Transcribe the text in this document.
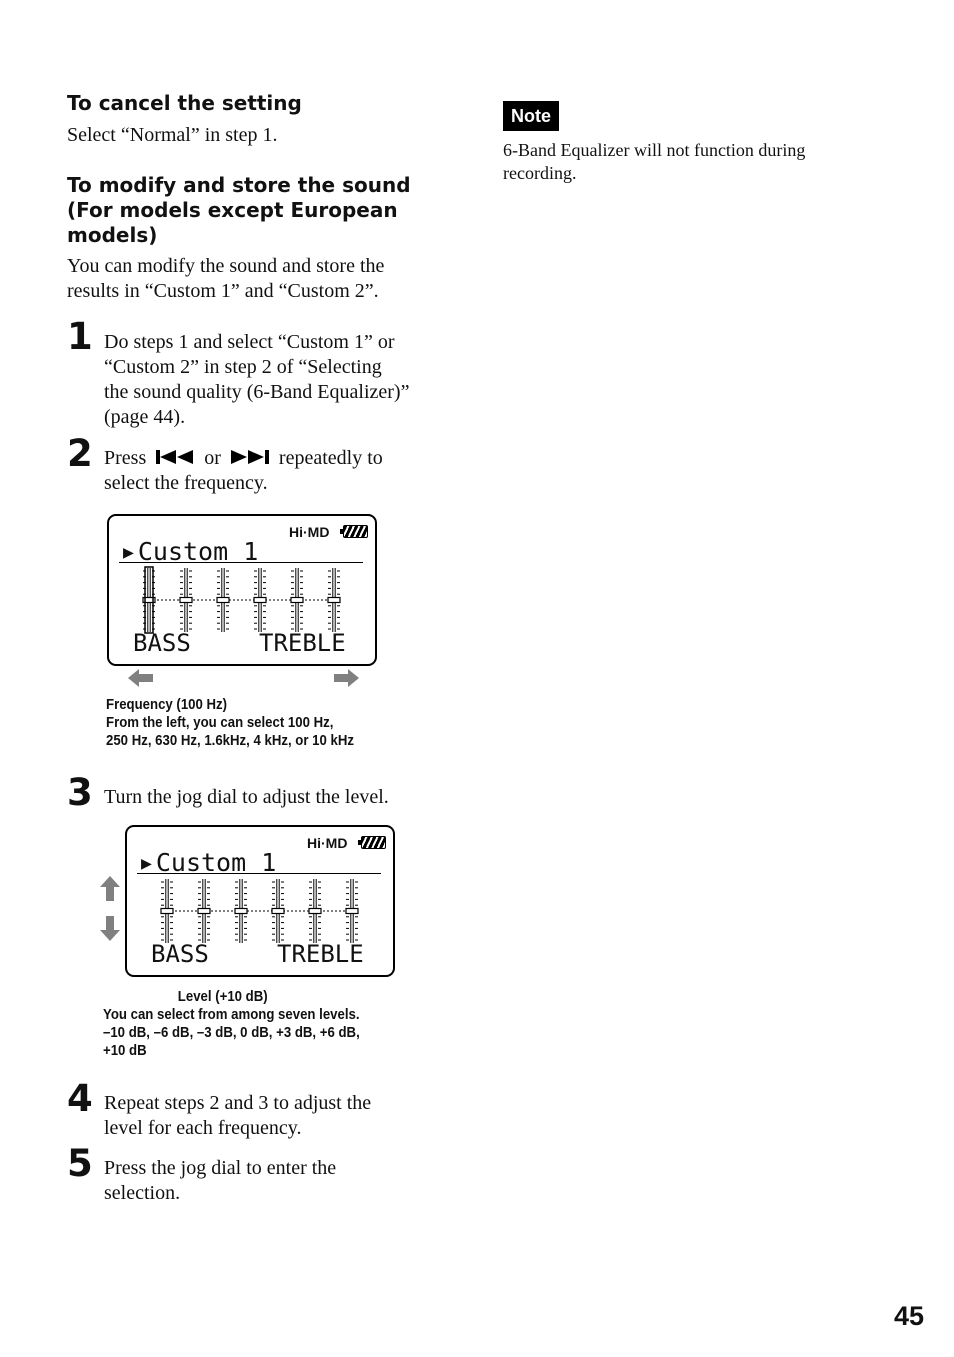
To cancel the setting
Select “Normal” in step 1.
To modify and store the sound
(For models except European
models)
You can modify the sound and store the
results in “Custom 1” and “Custom 2”.
1 Do steps 1 and select “Custom 1” or
“Custom 2” in step 2 of “Selecting
the sound quality (6-Band Equalizer)”
(page 44).
2 Press	or	repeatedly to
select the frequency.
Hi·MD
▶ Custom 1
BASS	TREBLE
Frequency (100 Hz)
From the left, you can select 100 Hz,
250 Hz, 630 Hz, 1.6kHz, 4 kHz, or 10 kHz
3 Turn the jog dial to adjust the level.
Hi·MD
▶ Custom 1
BASS	TREBLE
Level (+10 dB)
You can select from among seven levels.
–10 dB, –6 dB, –3 dB, 0 dB, +3 dB, +6 dB,
+10 dB
4 Repeat steps 2 and 3 to adjust the
level for each frequency.
5 Press the jog dial to enter the
selection.
Note
6-Band Equalizer will not function during
recording.
45
